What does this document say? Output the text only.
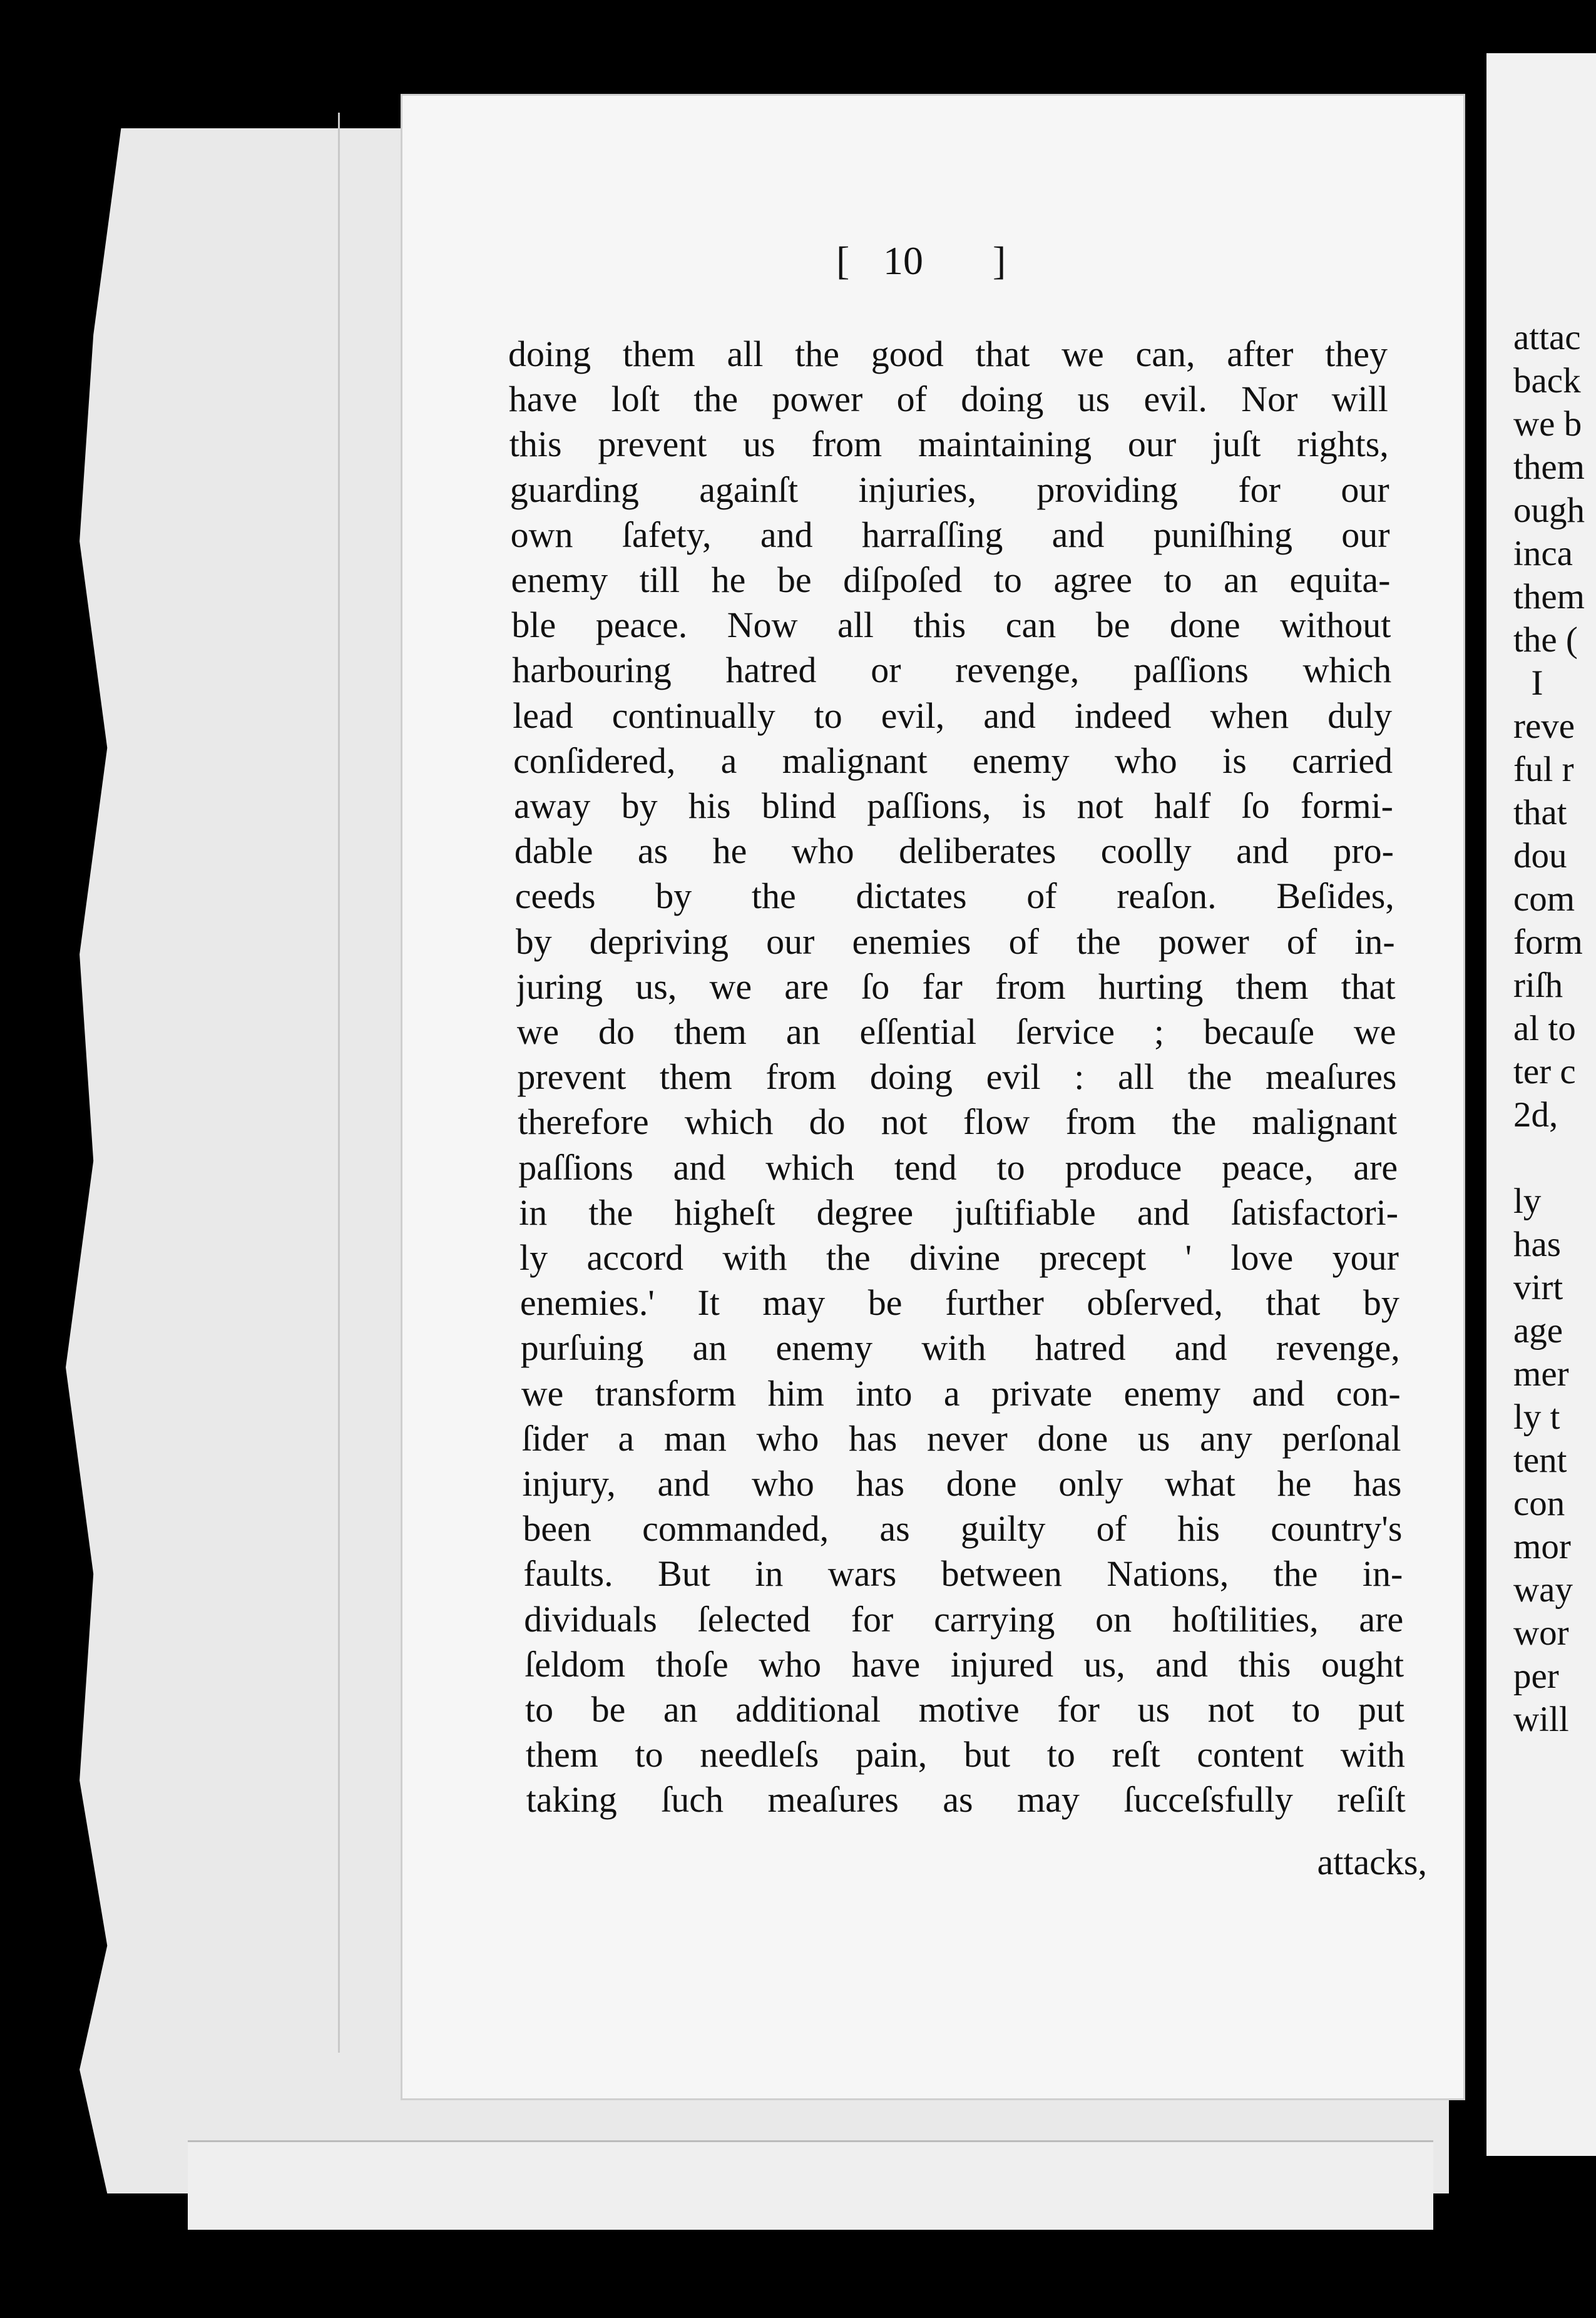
attac
back
we b
them
ough
inca
them
the (
I
reve
ful r
that
dou
com
form
riſh
al to
ter c
2d,
ly
has
virt
age
mer
ly t
tent
con
mor
way
wor
per
will
[ 10 ]
doing them all the good that we can, after they
have loſt the power of doing us evil. Nor will
this prevent us from maintaining our juſt rights,
guarding againſt injuries, providing for our
own ſafety, and harraſſing and puniſhing our
enemy till he be diſpoſed to agree to an equita-
ble peace. Now all this can be done without
harbouring hatred or revenge, paſſions which
lead continually to evil, and indeed when duly
conſidered, a malignant enemy who is carried
away by his blind paſſions, is not half ſo formi-
dable as he who deliberates coolly and pro-
ceeds by the dictates of reaſon. Beſides,
by depriving our enemies of the power of in-
juring us, we are ſo far from hurting them that
we do them an eſſential ſervice ; becauſe we
prevent them from doing evil : all the meaſures
therefore which do not flow from the malignant
paſſions and which tend to produce peace, are
in the higheſt degree juſtifiable and ſatisfactori-
ly accord with the divine precept ' love your
enemies.' It may be further obſerved, that by
purſuing an enemy with hatred and revenge,
we transform him into a private enemy and con-
ſider a man who has never done us any perſonal
injury, and who has done only what he has
been commanded, as guilty of his country's
faults. But in wars between Nations, the in-
dividuals ſelected for carrying on hoſtilities, are
ſeldom thoſe who have injured us, and this ought
to be an additional motive for us not to put
them to needleſs pain, but to reſt content with
taking ſuch meaſures as may ſucceſsfully reſiſt
attacks,
